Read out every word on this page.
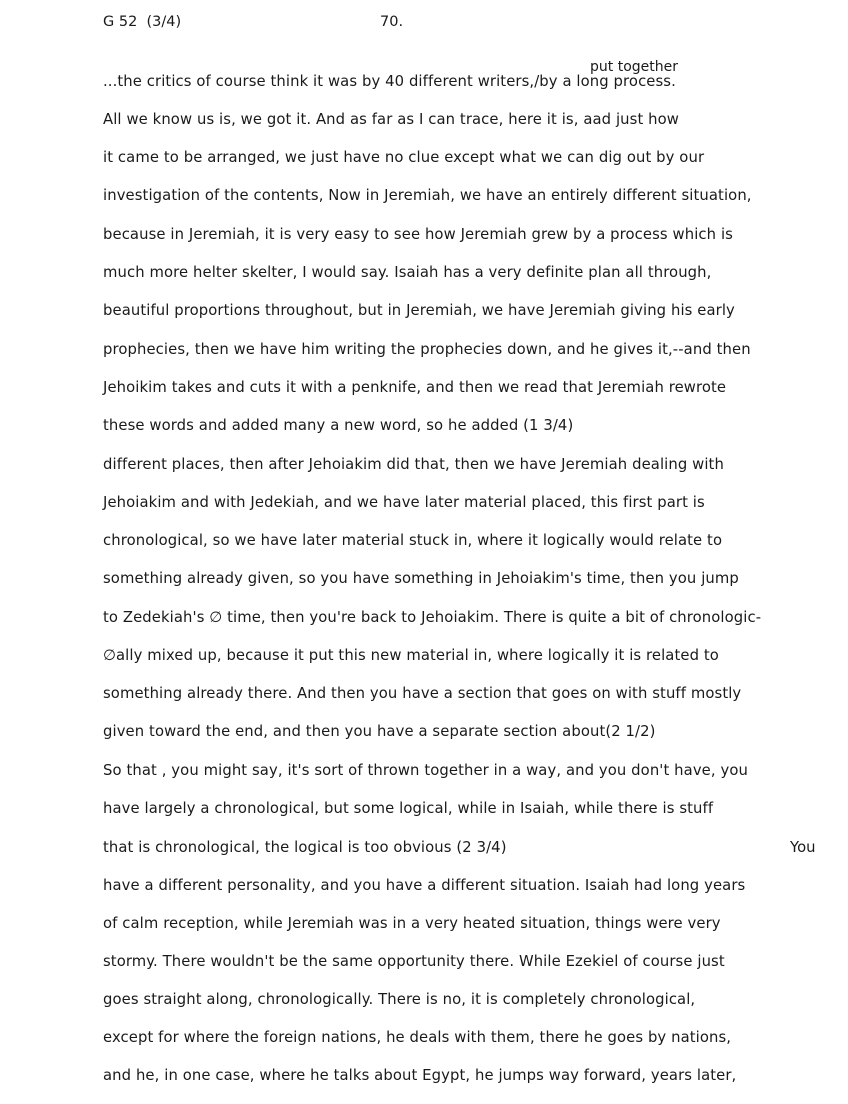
G 52  (3/4)	70.
put together
...the critics of course think it was by 40 different writers,/by a long process.
All we know us is, we got it. And as far as I can trace, here it is, aad just how
it came to be arranged, we just have no clue except what we can dig out by our
investigation of the contents, Now in Jeremiah, we have an entirely different situation,
because in Jeremiah, it is very easy to see how Jeremiah grew by a process which is
much more helter skelter, I would say. Isaiah has a very definite plan all through,
beautiful proportions throughout, but in Jeremiah, we have Jeremiah giving his early
prophecies, then we have him writing the prophecies down, and he gives it,--and then
Jehoikim takes and cuts it with a penknife, and then we read that Jeremiah rewrote
these words and added many a new word, so he added (1 3/4)
different places, then after Jehoiakim did that, then we have Jeremiah dealing with
Jehoiakim and with Jedekiah, and we have later material placed, this first part is
chronological, so we have later material stuck in, where it logically would relate to
something already given, so you have something in Jehoiakim's time, then you jump
to Zedekiah's ∅ time, then you're back to Jehoiakim. There is quite a bit of chronologic-
∅ally mixed up, because it put this new material in, where logically it is related to
something already there. And then you have a section that goes on with stuff mostly
given toward the end, and then you have a separate section about(2 1/2)
So that , you might say, it's sort of thrown together in a way, and you don't have, you
have largely a chronological, but some logical, while in Isaiah, while there is stuff
that is chronological, the logical is too obvious (2 3/4)	You
have a different personality, and you have a different situation. Isaiah had long years
of calm reception, while Jeremiah was in a very heated situation, things were very
stormy. There wouldn't be the same opportunity there. While Ezekiel of course just
goes straight along, chronologically. There is no, it is completely chronological,
except for where the foreign nations, he deals with them, there he goes by nations,
and he, in one case, where he talks about Egypt, he jumps way forward, years later,
